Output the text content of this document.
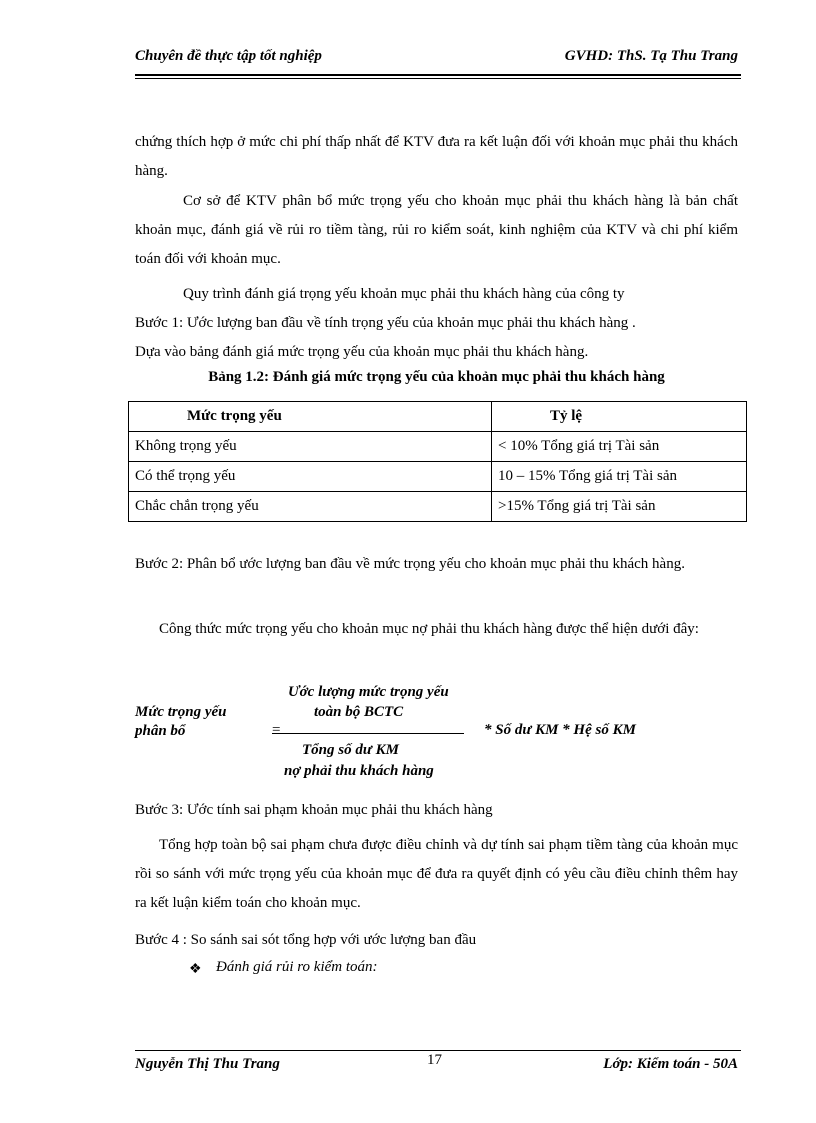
Chuyên đề thực tập tốt nghiệp	GVHD: ThS. Tạ Thu Trang
chứng thích hợp ở mức chi phí thấp nhất để KTV đưa ra kết luận đối với khoản mục phải thu khách hàng.
Cơ sở để KTV phân bổ mức trọng yếu cho khoản mục phải thu khách hàng là bản chất khoản mục, đánh giá về rủi ro tiềm tàng, rủi ro kiểm soát, kinh nghiệm của KTV và chi phí kiểm toán đối với khoản mục.
Quy trình đánh giá trọng yếu khoản mục phải thu khách hàng của công ty
Bước 1: Ước lượng ban đầu về tính trọng yếu của khoản mục phải thu khách hàng .
Dựa vào bảng đánh giá mức trọng yếu của khoản mục phải thu khách hàng.
Bảng 1.2: Đánh giá mức trọng yếu của khoản mục phải thu khách hàng
Mức trọng yếu	Tỷ lệ
Không trọng yếu	< 10% Tổng giá trị Tài sản
Có thể trọng yếu	10 – 15% Tổng giá trị Tài sản
Chắc chắn trọng yếu	>15% Tổng giá trị Tài sản
Bước 2: Phân bổ ước lượng ban đầu về mức trọng yếu cho khoản mục phải thu khách hàng.
Công thức mức trọng yếu cho khoản mục nợ phải thu khách hàng được thể hiện dưới đây:
Mức trọng yếu
phân bổ	=
Ước lượng mức trọng yếu
toàn bộ BCTC
Tổng số dư KM
nợ phải thu khách hàng
* Số dư KM * Hệ số KM
Bước 3: Ước tính sai phạm khoản mục phải thu khách hàng
Tổng hợp toàn bộ sai phạm chưa được điều chỉnh và dự tính sai phạm tiềm tàng của khoản mục rồi so sánh với mức trọng yếu của khoản mục để đưa ra quyết định có yêu cầu điều chỉnh thêm hay ra kết luận kiểm toán cho khoản mục.
Bước 4 : So sánh sai sót tổng hợp với ước lượng ban đầu
❖ Đánh giá rủi ro kiểm toán:
Nguyễn Thị Thu Trang	17	Lớp: Kiểm toán - 50A
